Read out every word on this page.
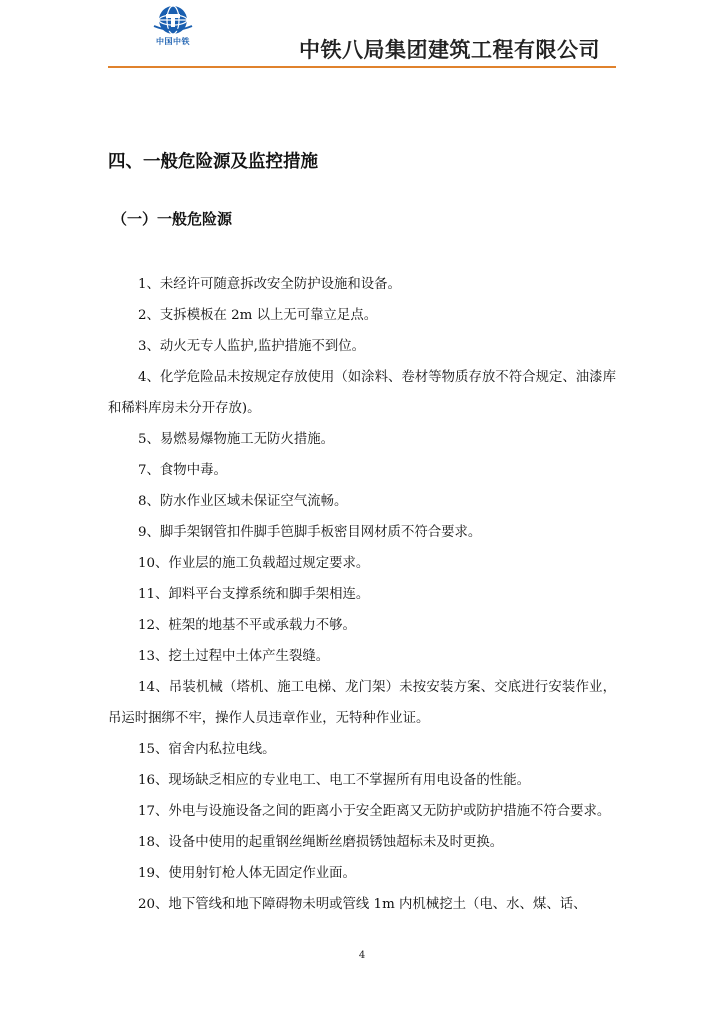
中国中铁	中铁八局集团建筑工程有限公司
四、一般危险源及监控措施
（一）一般危险源
1、未经许可随意拆改安全防护设施和设备。
2、支拆模板在 2m 以上无可靠立足点。
3、动火无专人监护,监护措施不到位。
4、化学危险品未按规定存放使用（如涂料、卷材等物质存放不符合规定、油漆库和稀料库房未分开存放)。
5、易燃易爆物施工无防火措施。
7、食物中毒。
8、防水作业区域未保证空气流畅。
9、脚手架钢管扣件脚手笆脚手板密目网材质不符合要求。
10、作业层的施工负载超过规定要求。
11、卸料平台支撑系统和脚手架相连。
12、桩架的地基不平或承载力不够。
13、挖土过程中土体产生裂缝。
14、吊装机械（塔机、施工电梯、龙门架）未按安装方案、交底进行安装作业，吊运时捆绑不牢，操作人员违章作业，无特种作业证。
15、宿舍内私拉电线。
16、现场缺乏相应的专业电工、电工不掌握所有用电设备的性能。
17、外电与设施设备之间的距离小于安全距离又无防护或防护措施不符合要求。
18、设备中使用的起重钢丝绳断丝磨损锈蚀超标未及时更换。
19、使用射钉枪人体无固定作业面。
20、地下管线和地下障碍物未明或管线 1m 内机械挖土（电、水、煤、话、
4
